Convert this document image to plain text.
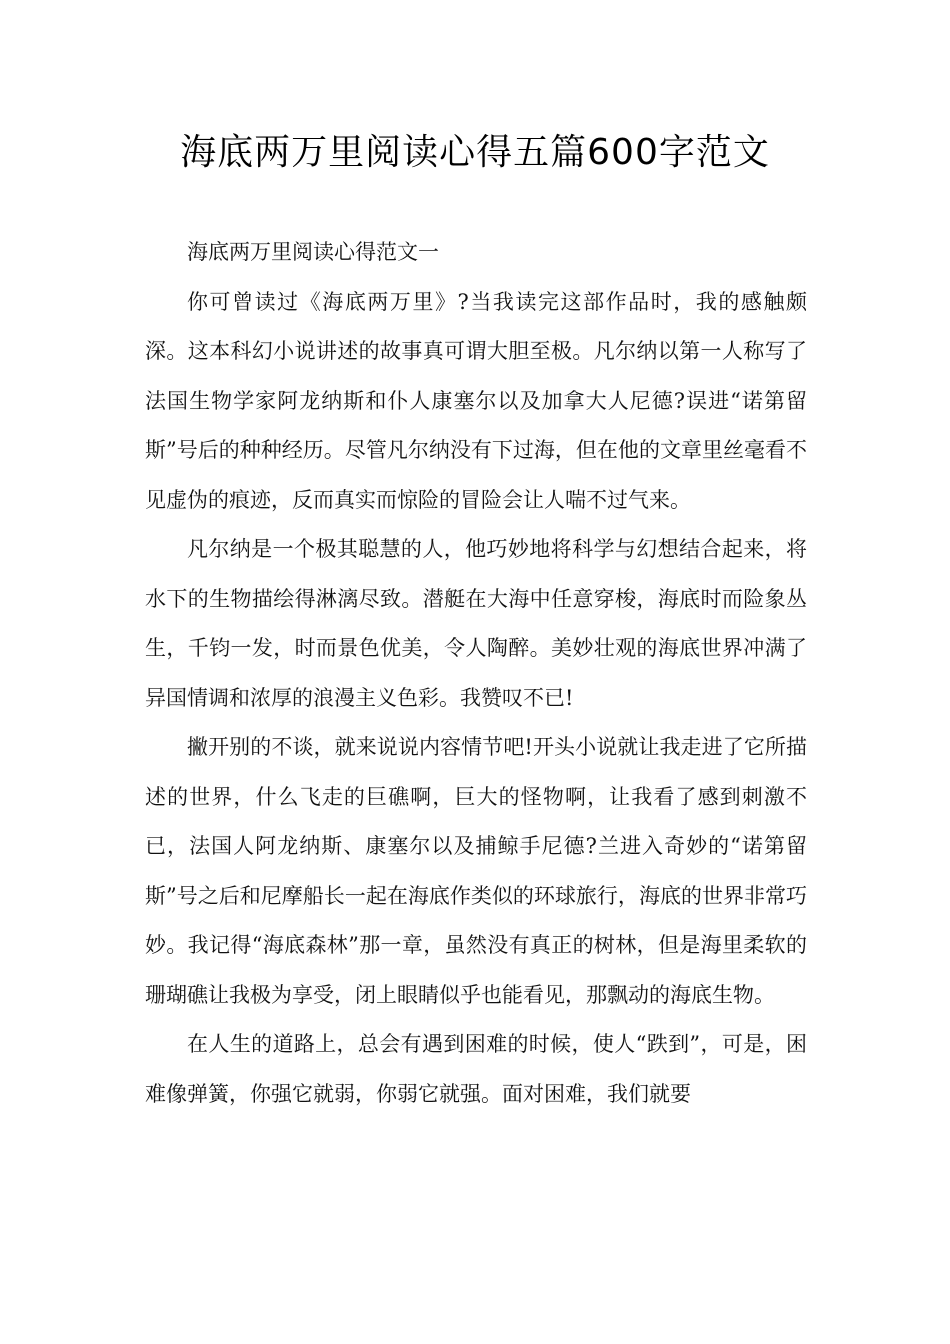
海底两万里阅读心得五篇600字范文

海底两万里阅读心得范文一

你可曾读过《海底两万里》?当我读完这部作品时，我的感触颇深。这本科幻小说讲述的故事真可谓大胆至极。凡尔纳以第一人称写了法国生物学家阿龙纳斯和仆人康塞尔以及加拿大人尼德?误进“诺第留斯”号后的种种经历。尽管凡尔纳没有下过海，但在他的文章里丝毫看不见虚伪的痕迹，反而真实而惊险的冒险会让人喘不过气来。

凡尔纳是一个极其聪慧的人，他巧妙地将科学与幻想结合起来，将水下的生物描绘得淋漓尽致。潜艇在大海中任意穿梭，海底时而险象丛生，千钧一发，时而景色优美，令人陶醉。美妙壮观的海底世界冲满了异国情调和浓厚的浪漫主义色彩。我赞叹不已!

撇开别的不谈，就来说说内容情节吧!开头小说就让我走进了它所描述的世界，什么飞走的巨礁啊，巨大的怪物啊，让我看了感到刺激不已，法国人阿龙纳斯、康塞尔以及捕鲸手尼德?兰进入奇妙的“诺第留斯”号之后和尼摩船长一起在海底作类似的环球旅行，海底的世界非常巧妙。我记得“海底森林”那一章，虽然没有真正的树林，但是海里柔软的珊瑚礁让我极为享受，闭上眼睛似乎也能看见，那飘动的海底生物。

在人生的道路上，总会有遇到困难的时候，使人“跌到”，可是，困难像弹簧，你强它就弱，你弱它就强。面对困难，我们就要
